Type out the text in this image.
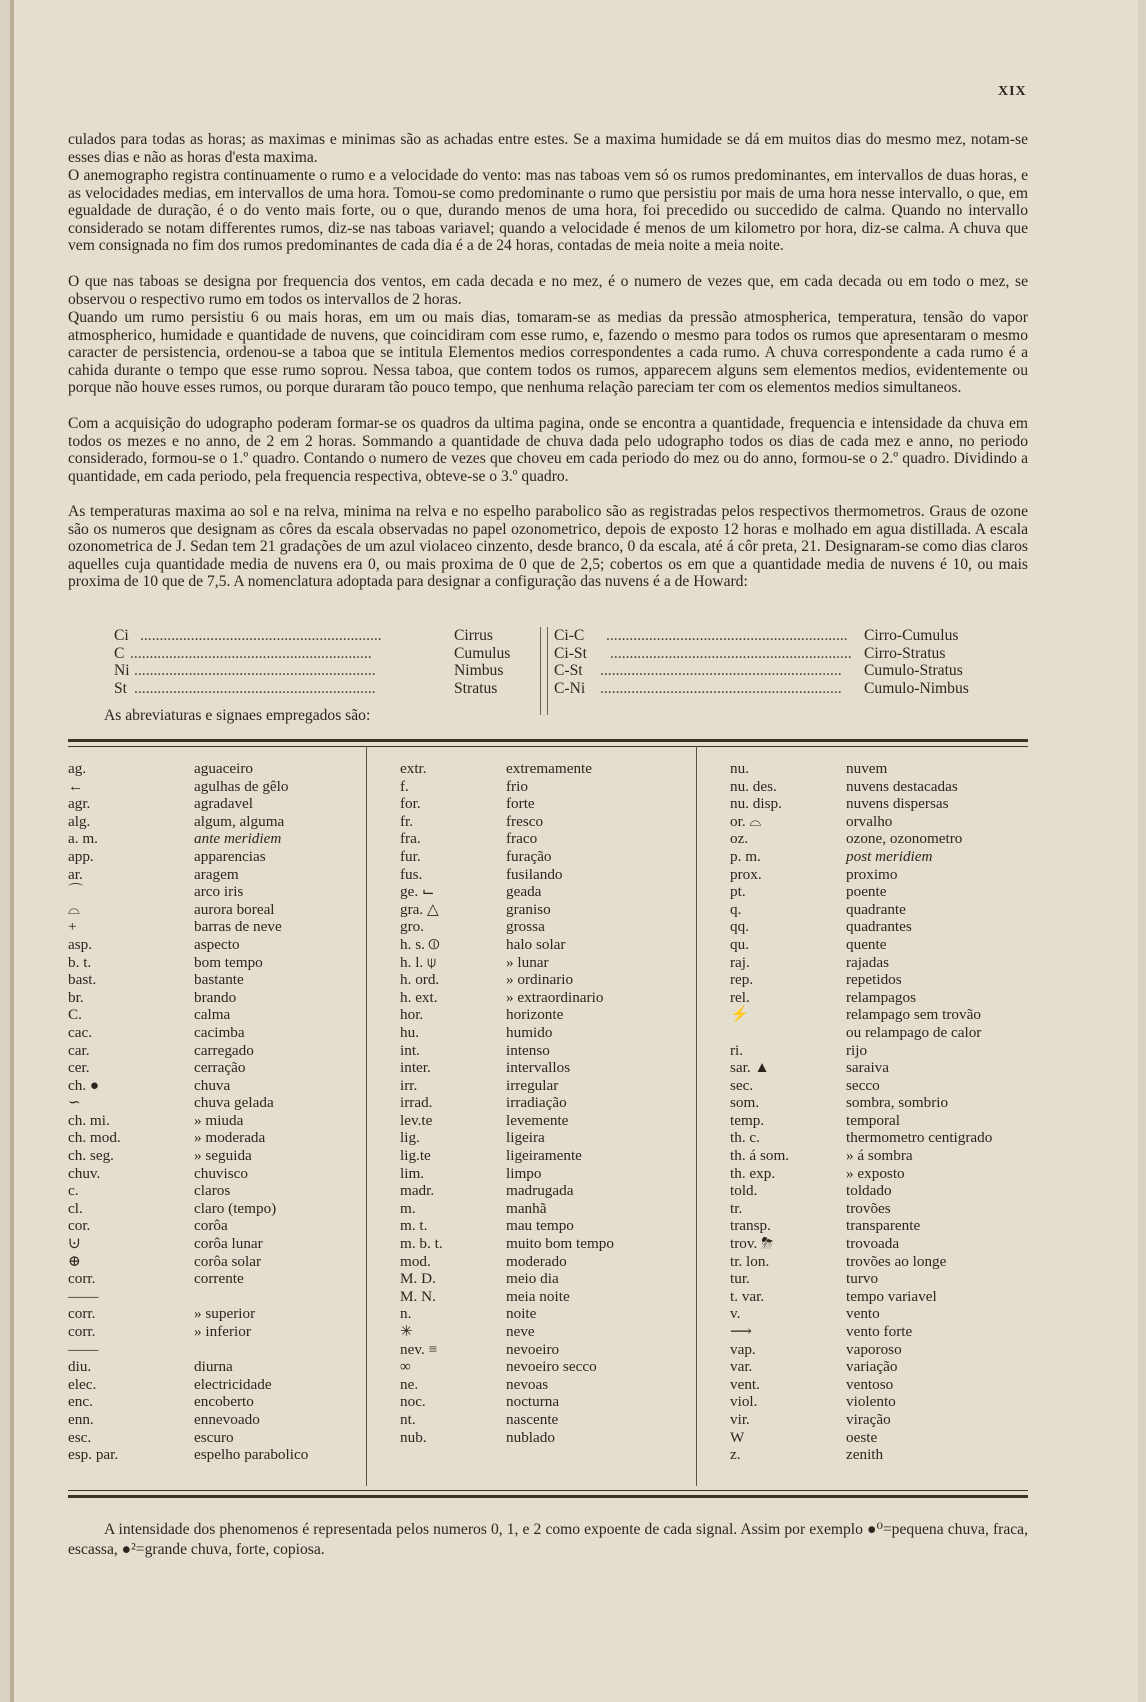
XIX
culados para todas as horas; as maximas e minimas são as achadas entre estes. Se a maxima humidade se dá em muitos dias do mesmo mez, notam-se esses dias e não as horas d'esta maxima.
O anemographo registra continuamente o rumo e a velocidade do vento: mas nas taboas vem só os rumos predominantes, em intervallos de duas horas, e as velocidades medias, em intervallos de uma hora. Tomou-se como predominante o rumo que persistiu por mais de uma hora nesse intervallo, o que, em egualdade de duração, é o do vento mais forte, ou o que, durando menos de uma hora, foi precedido ou succedido de calma. Quando no intervallo considerado se notam differentes rumos, diz-se nas taboas variavel; quando a velocidade é menos de um kilometro por hora, diz-se calma. A chuva que vem consignada no fim dos rumos predominantes de cada dia é a de 24 horas, contadas de meia noite a meia noite.
O que nas taboas se designa por frequencia dos ventos, em cada decada e no mez, é o numero de vezes que, em cada decada ou em todo o mez, se observou o respectivo rumo em todos os intervallos de 2 horas.
Quando um rumo persistiu 6 ou mais horas, em um ou mais dias, tomaram-se as medias da pressão atmospherica, temperatura, tensão do vapor atmospherico, humidade e quantidade de nuvens, que coincidiram com esse rumo, e, fazendo o mesmo para todos os rumos que apresentaram o mesmo caracter de persistencia, ordenou-se a taboa que se intitula Elementos medios correspondentes a cada rumo. A chuva correspondente a cada rumo é a cahida durante o tempo que esse rumo soprou. Nessa taboa, que contem todos os rumos, apparecem alguns sem elementos medios, evidentemente ou porque não houve esses rumos, ou porque duraram tão pouco tempo, que nenhuma relação pareciam ter com os elementos medios simultaneos.
Com a acquisição do udographo poderam formar-se os quadros da ultima pagina, onde se encontra a quantidade, frequencia e intensidade da chuva em todos os mezes e no anno, de 2 em 2 horas. Sommando a quantidade de chuva dada pelo udographo todos os dias de cada mez e anno, no periodo considerado, formou-se o 1.º quadro. Contando o numero de vezes que choveu em cada periodo do mez ou do anno, formou-se o 2.º quadro. Dividindo a quantidade, em cada periodo, pela frequencia respectiva, obteve-se o 3.º quadro.
As temperaturas maxima ao sol e na relva, minima na relva e no espelho parabolico são as registradas pelos respectivos thermometros. Graus de ozone são os numeros que designam as côres da escala observadas no papel ozonometrico, depois de exposto 12 horas e molhado em agua distillada. A escala ozonometrica de J. Sedan tem 21 gradações de um azul violaceo cinzento, desde branco, 0 da escala, até á côr preta, 21. Designaram-se como dias claros aquelles cuja quantidade media de nuvens era 0, ou mais proxima de 0 que de 2,5; cobertos os em que a quantidade media de nuvens é 10, ou mais proxima de 10 que de 7,5. A nomenclatura adoptada para designar a configuração das nuvens é a de Howard:
Ci ..............................................................	Cirrus	Ci-C ..............................................................	Cirro-Cumulus
C ..............................................................	Cumulus	Ci-St .............................................................. Cirro-Stratus
Ni ..............................................................	Nimbus	C-St ..............................................................	Cumulo-Stratus
St ..............................................................	Stratus	C-Ni ..............................................................	Cumulo-Nimbus
As abreviaturas e signaes empregados são:
ag.	aguaceiro
←	agulhas de gêlo
agr.	agradavel
alg.	algum, alguma
a. m.	ante meridiem
app.	apparencias
ar.	aragem
⌒	arco iris
⌓	aurora boreal
+	barras de neve
asp.	aspecto
b. t.	bom tempo
bast.	bastante
br.	brando
C.	calma
cac.	cacimba
car.	carregado
cer.	cerração
ch. ●	chuva
∽	chuva gelada
ch. mi.	» miuda
ch. mod.	» moderada
ch. seg.	» seguida
chuv.	chuvisco
c.	claros
cl.	claro (tempo)
cor.	corôa
⊍	corôa lunar
⊕	corôa solar
corr.	corrente
——
corr.	» superior
corr.	» inferior
——
diu.	diurna
elec.	electricidade
enc.	encoberto
enn.	ennevoado
esc.	escuro
esp. par.	espelho parabolico
extr.	extremamente
f.	frio
for.	forte
fr.	fresco
fra.	fraco
fur.	furação
fus.	fusilando
ge. ⌙	geada
gra. △	graniso
gro.	grossa
h. s. ⦶	halo solar
h. l. ⍦	» lunar
h. ord.	» ordinario
h. ext.	» extraordinario
hor.	horizonte
hu.	humido
int.	intenso
inter.	intervallos
irr.	irregular
irrad.	irradiação
lev.te	levemente
lig.	ligeira
lig.te	ligeiramente
lim.	limpo
madr.	madrugada
m.	manhã
m. t.	mau tempo
m. b. t.	muito bom tempo
mod.	moderado
M. D.	meio dia
M. N.	meia noite
n.	noite
✳	neve
nev. ≡	nevoeiro
∞	nevoeiro secco
ne.	nevoas
noc.	nocturna
nt.	nascente
nub.	nublado
nu.	nuvem
nu. des.	nuvens destacadas
nu. disp.	nuvens dispersas
or. ⌓	orvalho
oz.	ozone, ozonometro
p. m.	post meridiem
prox.	proximo
pt.	poente
q.	quadrante
qq.	quadrantes
qu.	quente
raj.	rajadas
rep.	repetidos
rel.	relampagos
⚡	relampago sem trovão
ou relampago de calor
ri.	rijo
sar. ▲	saraiva
sec.	secco
som.	sombra, sombrio
temp.	temporal
th. c.	thermometro centigrado
th. á som.	» á sombra
th. exp.	» exposto
told.	toldado
tr.	trovões
transp.	transparente
trov. ⛈	trovoada
tr. lon.	trovões ao longe
tur.	turvo
t. var.	tempo variavel
v.	vento
⟶	vento forte
vap.	vaporoso
var.	variação
vent.	ventoso
viol.	violento
vir.	viração
W	oeste
z.	zenith
A intensidade dos phenomenos é representada pelos numeros 0, 1, e 2 como expoente de cada signal. Assim por exemplo ●⁰=pequena chuva, fraca, escassa, ●²=grande chuva, forte, copiosa.
